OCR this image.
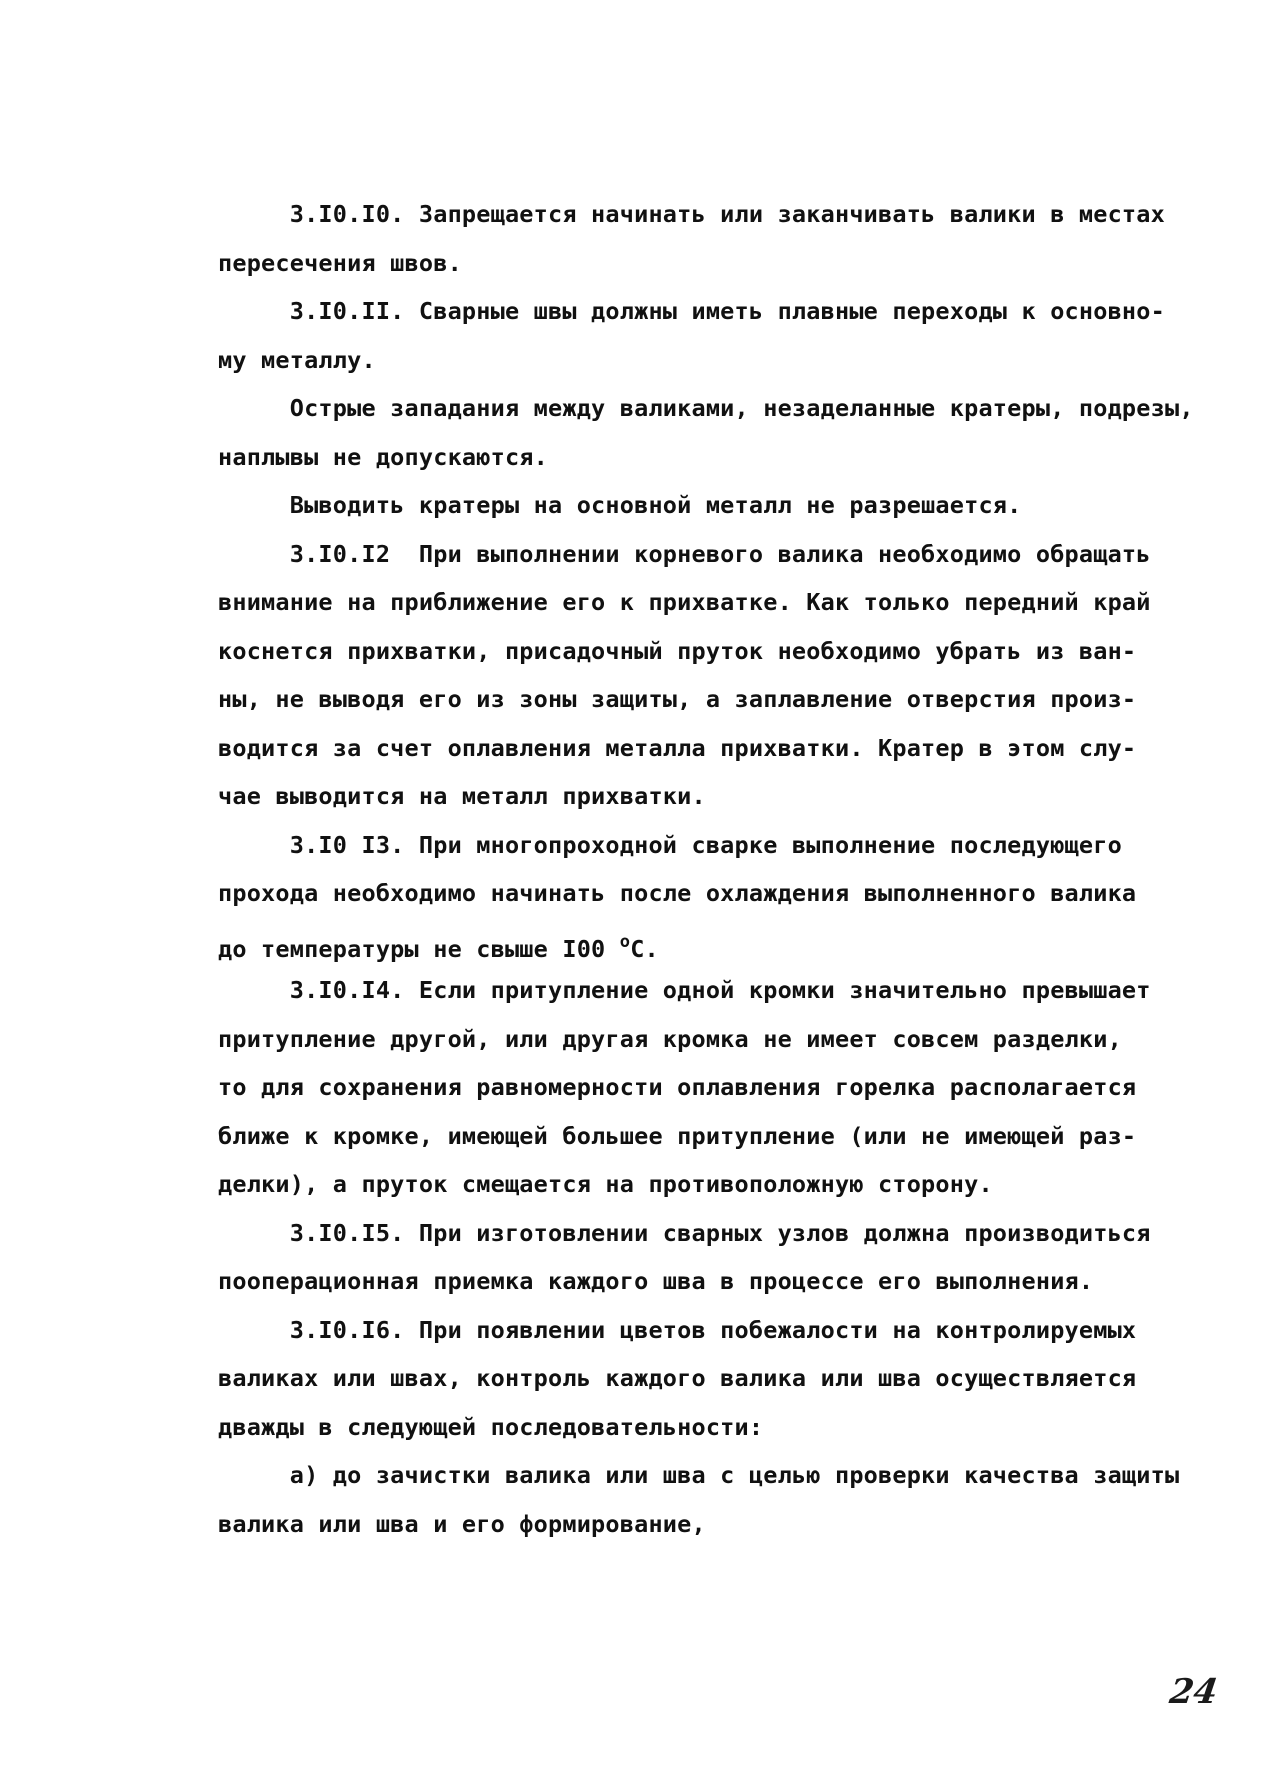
3.I0.I0. Запрещается начинать или заканчивать валики в местах
пересечения швов.
3.I0.II. Сварные швы должны иметь плавные переходы к основно-
му металлу.
Острые западания между валиками, незаделанные кратеры, подрезы,
наплывы не допускаются.
Выводить кратеры на основной металл не разрешается.
3.I0.I2  При выполнении корневого валика необходимо обращать
внимание на приближение его к прихватке. Как только передний край
коснется прихватки, присадочный пруток необходимо убрать из ван-
ны, не выводя его из зоны защиты, а заплавление отверстия произ-
водится за счет оплавления металла прихватки. Кратер в этом слу-
чае выводится на металл прихватки.
3.I0 I3. При многопроходной сварке выполнение последующего
прохода необходимо начинать после охлаждения выполненного валика
до температуры не свыше I00 $^о$С.
3.I0.I4. Если притупление одной кромки значительно превышает
притупление другой, или другая кромка не имеет совсем разделки,
то для сохранения равномерности оплавления горелка располагается
ближе к кромке, имеющей большее притупление (или не имеющей раз-
делки), а пруток смещается на противоположную сторону.
3.I0.I5. При изготовлении сварных узлов должна производиться
пооперационная приемка каждого шва в процессе его выполнения.
3.I0.I6. При появлении цветов побежалости на контролируемых
валиках или швах, контроль каждого валика или шва осуществляется
дважды в следующей последовательности:
а) до зачистки валика или шва с целью проверки качества защиты
валика или шва и его формирование,
24
